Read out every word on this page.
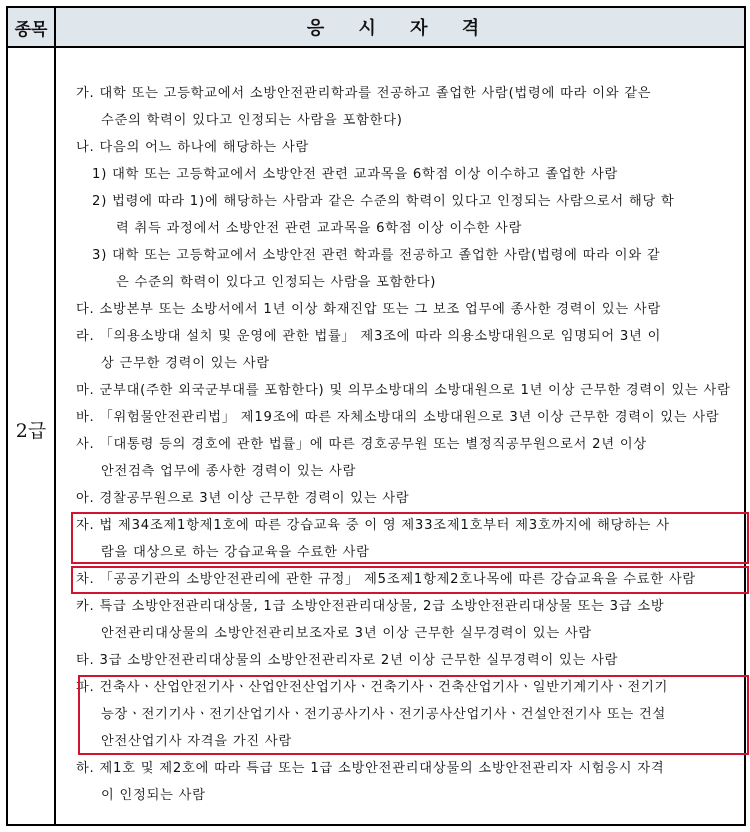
종목	응 시 자 격
2급
가. 대학 또는 고등학교에서 소방안전관리학과를 전공하고 졸업한 사람(법령에 따라 이와 같은
수준의 학력이 있다고 인정되는 사람을 포함한다)
나. 다음의 어느 하나에 해당하는 사람
1) 대학 또는 고등학교에서 소방안전 관련 교과목을 6학점 이상 이수하고 졸업한 사람
2) 법령에 따라 1)에 해당하는 사람과 같은 수준의 학력이 있다고 인정되는 사람으로서 해당 학
력 취득 과정에서 소방안전 관련 교과목을 6학점 이상 이수한 사람
3) 대학 또는 고등학교에서 소방안전 관련 학과를 전공하고 졸업한 사람(법령에 따라 이와 같
은 수준의 학력이 있다고 인정되는 사람을 포함한다)
다. 소방본부 또는 소방서에서 1년 이상 화재진압 또는 그 보조 업무에 종사한 경력이 있는 사람
라. 「의용소방대 설치 및 운영에 관한 법률」 제3조에 따라 의용소방대원으로 임명되어 3년 이
상 근무한 경력이 있는 사람
마. 군부대(주한 외국군부대를 포함한다) 및 의무소방대의 소방대원으로 1년 이상 근무한 경력이 있는 사람
바. 「위험물안전관리법」 제19조에 따른 자체소방대의 소방대원으로 3년 이상 근무한 경력이 있는 사람
사. 「대통령 등의 경호에 관한 법률」에 따른 경호공무원 또는 별정직공무원으로서 2년 이상
안전검측 업무에 종사한 경력이 있는 사람
아. 경찰공무원으로 3년 이상 근무한 경력이 있는 사람
자. 법 제34조제1항제1호에 따른 강습교육 중 이 영 제33조제1호부터 제3호까지에 해당하는 사
람을 대상으로 하는 강습교육을 수료한 사람
차. 「공공기관의 소방안전관리에 관한 규정」 제5조제1항제2호나목에 따른 강습교육을 수료한 사람
카. 특급 소방안전관리대상물, 1급 소방안전관리대상물, 2급 소방안전관리대상물 또는 3급 소방
안전관리대상물의 소방안전관리보조자로 3년 이상 근무한 실무경력이 있는 사람
타. 3급 소방안전관리대상물의 소방안전관리자로 2년 이상 근무한 실무경력이 있는 사람
파. 건축사ㆍ산업안전기사ㆍ산업안전산업기사ㆍ건축기사ㆍ건축산업기사ㆍ일반기계기사ㆍ전기기
능장ㆍ전기기사ㆍ전기산업기사ㆍ전기공사기사ㆍ전기공사산업기사ㆍ건설안전기사 또는 건설
안전산업기사 자격을 가진 사람
하. 제1호 및 제2호에 따라 특급 또는 1급 소방안전관리대상물의 소방안전관리자 시험응시 자격
이 인정되는 사람
